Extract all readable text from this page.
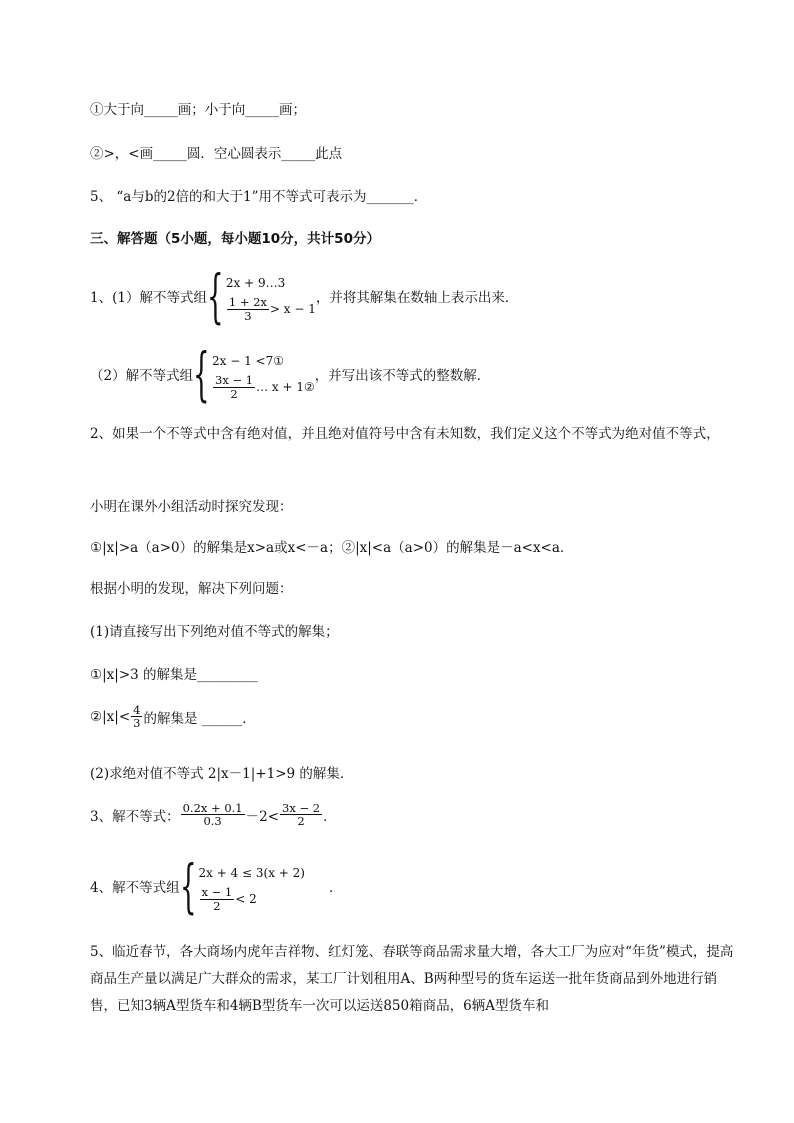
①大于向_____画；小于向_____画；
②>，<画_____圆．空心圆表示_____此点
5、 “a与b的2倍的和大于1”用不等式可表示为_______．
三、解答题（5小题，每小题10分，共计50分）
1、(1）解不等式组 { 2x + 9…3
$\frac{1 + 2x}{3} > x - 1$
，并将其解集在数轴上表示出来．
（2）解不等式组 { 2x − 1 <7①
$\frac{3x - 1}{2}$ … x + 1②
，并写出该不等式的整数解．
2、如果一个不等式中含有绝对值，并且绝对值符号中含有未知数，我们定义这个不等式为绝对值不等式，
小明在课外小组活动时探究发现：
①|x|>a（a>0）的解集是x>a或x<－a；②|x|<a（a>0）的解集是－a<x<a．
根据小明的发现，解决下列问题：
(1)请直接写出下列绝对值不等式的解集；
①|x|>3 的解集是_________
②|x|< $\frac{4}{3}$ 的解集是 ______．
(2)求绝对值不等式 2|x－1|+1>9 的解集．
3、解不等式： $\frac{0.2x + 0.1}{0.3} -2< \frac{3x - 2}{2}$ ．
4、解不等式组 { 2x + 4 ≤ 3(x + 2)
$\frac{x - 1}{2} < 2$
．
5、临近春节，各大商场内虎年吉祥物、红灯笼、春联等商品需求量大增，各大工厂为应对“年货”模式，提高商品生产量以满足广大群众的需求，某工厂计划租用A、B两种型号的货车运送一批年货商品到外地进行销售，已知3辆A型货车和4辆B型货车一次可以运送850箱商品，6辆A型货车和
